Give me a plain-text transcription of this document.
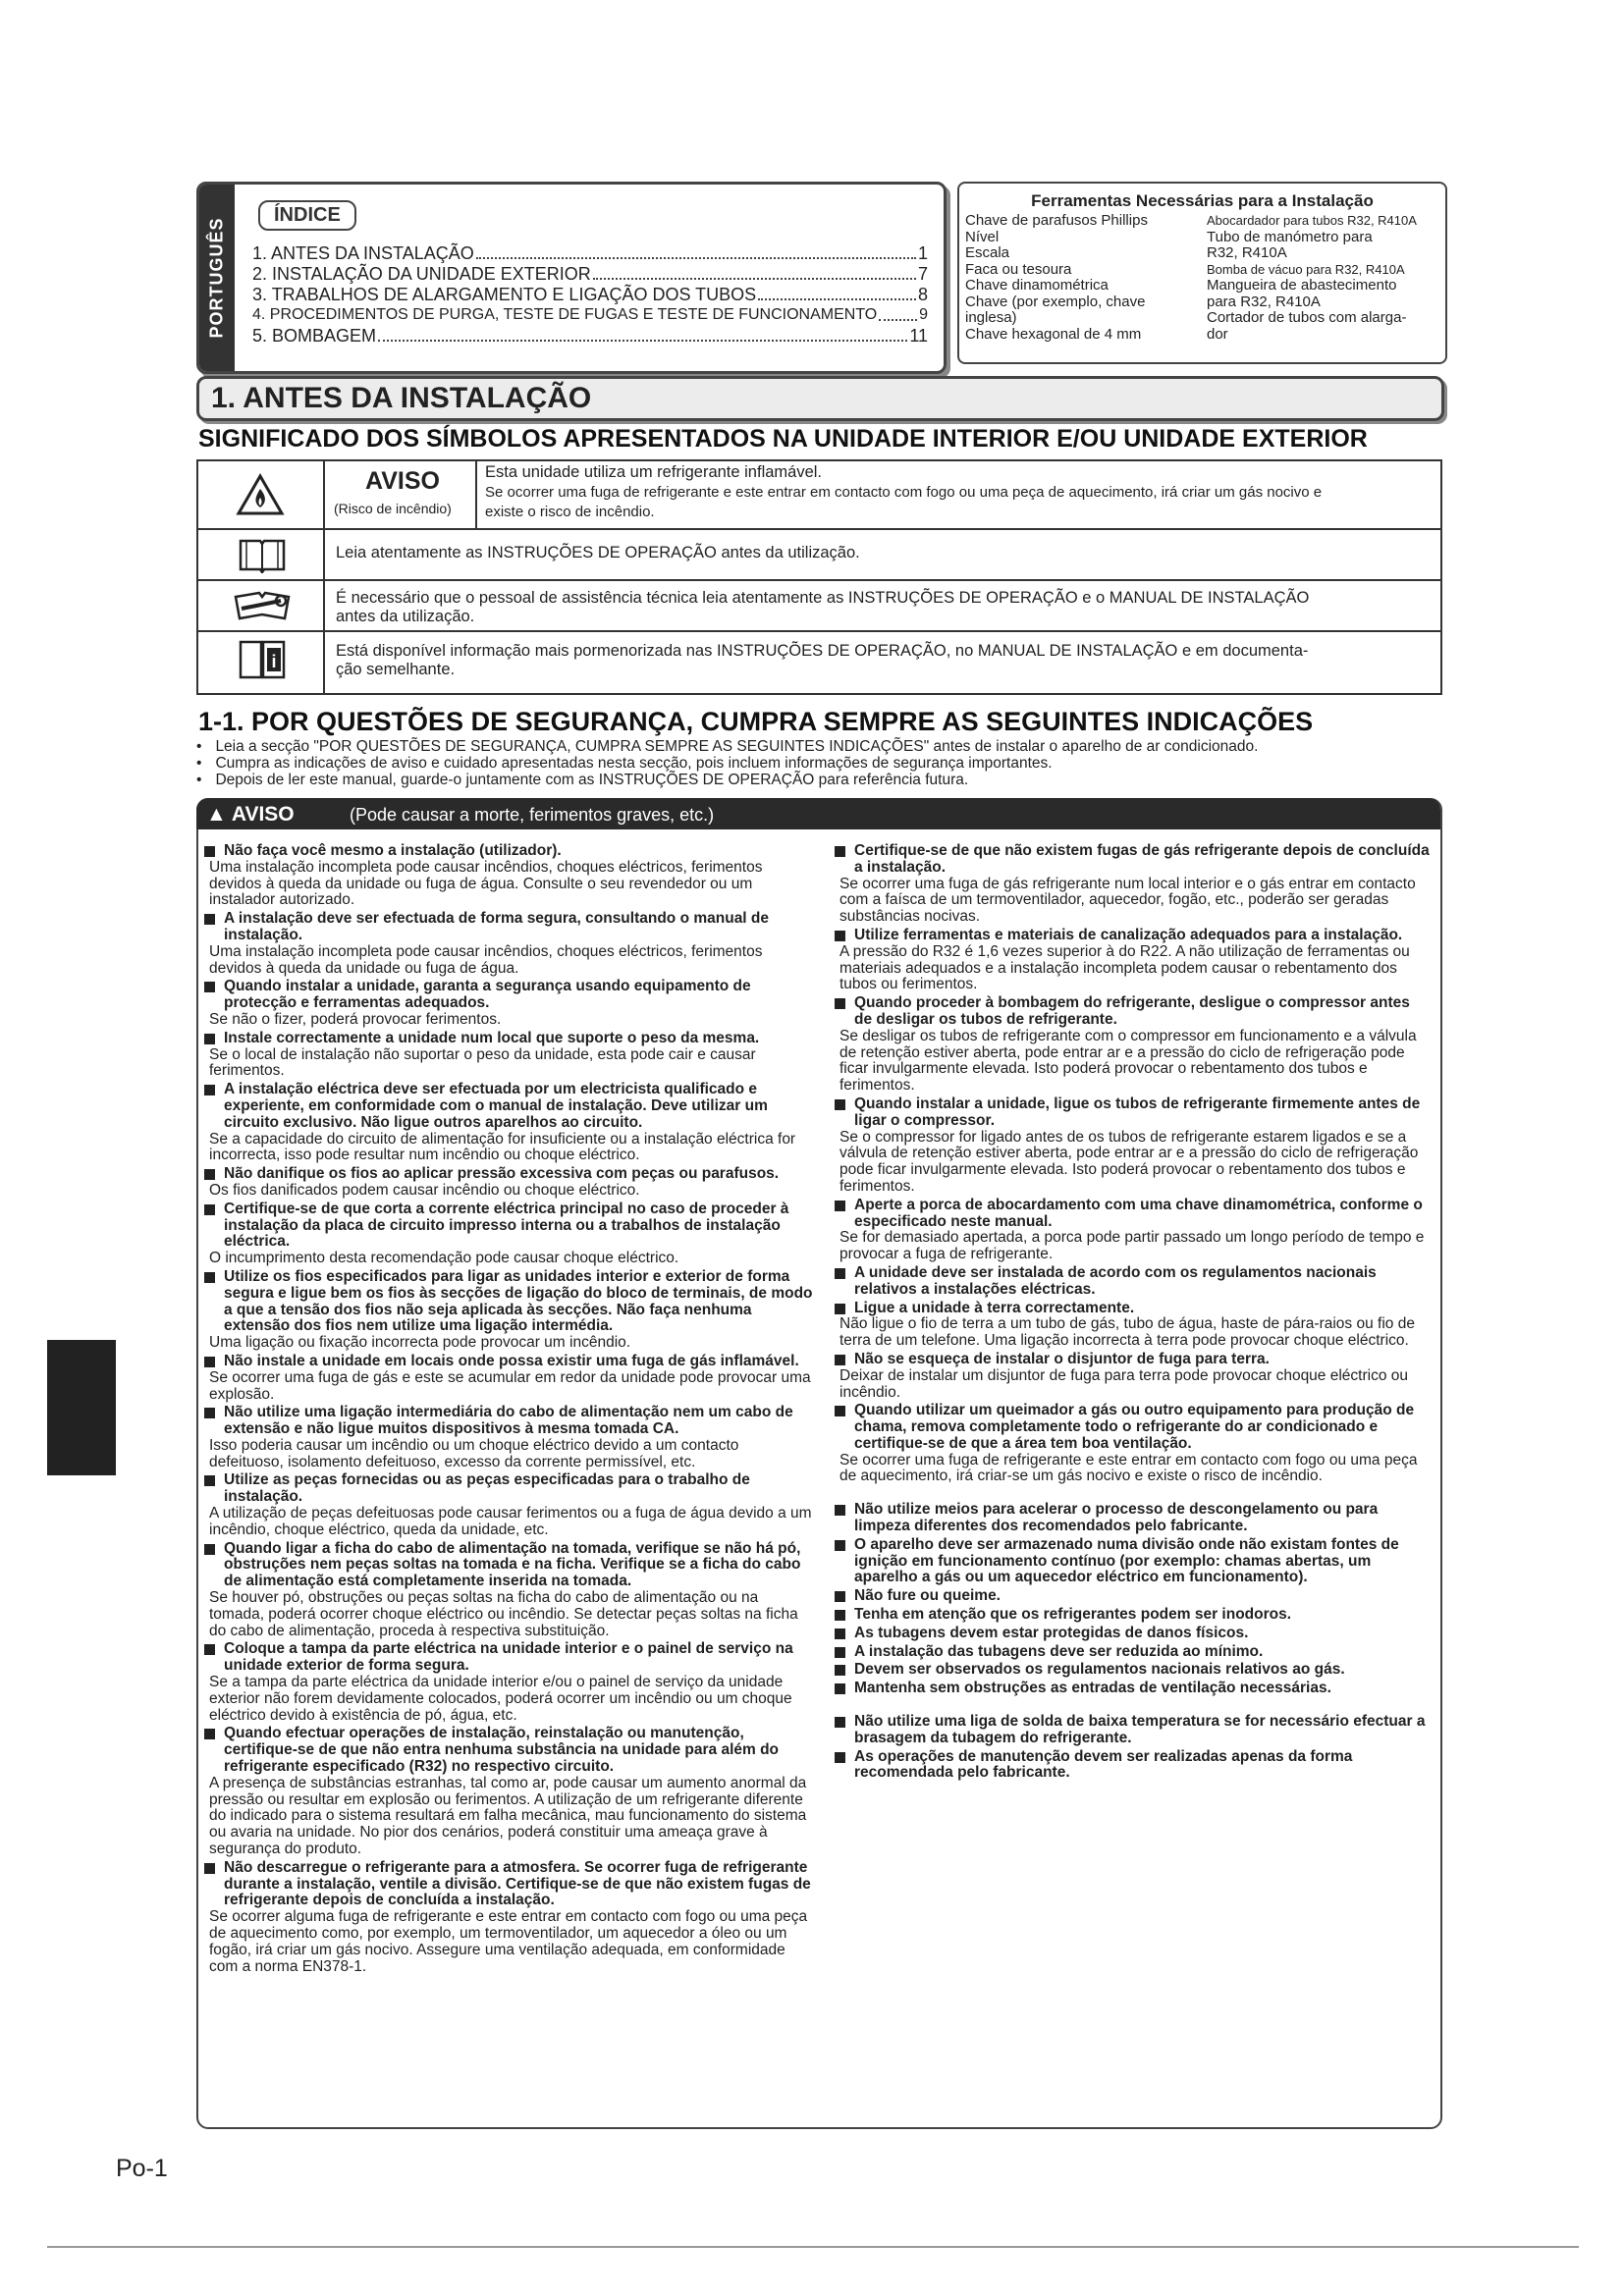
PORTUGUÊS
ÍNDICE
1. ANTES DA INSTALAÇÃO	1
2. INSTALAÇÃO DA UNIDADE EXTERIOR	7
3. TRABALHOS DE ALARGAMENTO E LIGAÇÃO DOS TUBOS	8
4. PROCEDIMENTOS DE PURGA, TESTE DE FUGAS E TESTE DE FUNCIONAMENTO	9
5. BOMBAGEM	11
Ferramentas Necessárias para a Instalação
Chave de parafusos Phillips
Nível
Escala
Faca ou tesoura
Chave dinamométrica
Chave (por exemplo, chave
inglesa)
Chave hexagonal de 4 mm
Abocardador para tubos R32, R410A
Tubo de manómetro para
R32, R410A
Bomba de vácuo para R32, R410A
Mangueira de abastecimento
para R32, R410A
Cortador de tubos com alarga-
dor
1. ANTES DA INSTALAÇÃO
SIGNIFICADO DOS SÍMBOLOS APRESENTADOS NA UNIDADE INTERIOR E/OU UNIDADE EXTERIOR
AVISO
(Risco de incêndio)
Esta unidade utiliza um refrigerante inflamável.
Se ocorrer uma fuga de refrigerante e este entrar em contacto com fogo ou uma peça de aquecimento, irá criar um gás nocivo e
existe o risco de incêndio.
Leia atentamente as INSTRUÇÕES DE OPERAÇÃO antes da utilização.
É necessário que o pessoal de assistência técnica leia atentamente as INSTRUÇÕES DE OPERAÇÃO e o MANUAL DE INSTALAÇÃO
antes da utilização.
i
Está disponível informação mais pormenorizada nas INSTRUÇÕES DE OPERAÇÃO, no MANUAL DE INSTALAÇÃO e em documenta-
ção semelhante.
1-1. POR QUESTÕES DE SEGURANÇA, CUMPRA SEMPRE AS SEGUINTES INDICAÇÕES
• Leia a secção "POR QUESTÕES DE SEGURANÇA, CUMPRA SEMPRE AS SEGUINTES INDICAÇÕES" antes de instalar o aparelho de ar condicionado.
• Cumpra as indicações de aviso e cuidado apresentadas nesta secção, pois incluem informações de segurança importantes.
• Depois de ler este manual, guarde-o juntamente com as INSTRUÇÕES DE OPERAÇÃO para referência futura.
▲ AVISO	(Pode causar a morte, ferimentos graves, etc.)
Não faça você mesmo a instalação (utilizador).
Uma instalação incompleta pode causar incêndios, choques eléctricos, ferimentos devidos à queda da unidade ou fuga de água. Consulte o seu revendedor ou um instalador autorizado.
A instalação deve ser efectuada de forma segura, consultando o manual de instalação.
Uma instalação incompleta pode causar incêndios, choques eléctricos, ferimentos devidos à queda da unidade ou fuga de água.
Quando instalar a unidade, garanta a segurança usando equipamento de protecção e ferramentas adequados.
Se não o fizer, poderá provocar ferimentos.
Instale correctamente a unidade num local que suporte o peso da mesma.
Se o local de instalação não suportar o peso da unidade, esta pode cair e causar ferimentos.
A instalação eléctrica deve ser efectuada por um electricista qualificado e experiente, em conformidade com o manual de instalação. Deve utilizar um circuito exclusivo. Não ligue outros aparelhos ao circuito.
Se a capacidade do circuito de alimentação for insuficiente ou a instalação eléctrica for incorrecta, isso pode resultar num incêndio ou choque eléctrico.
Não danifique os fios ao aplicar pressão excessiva com peças ou parafusos.
Os fios danificados podem causar incêndio ou choque eléctrico.
Certifique-se de que corta a corrente eléctrica principal no caso de proceder à instalação da placa de circuito impresso interna ou a trabalhos de instalação eléctrica.
O incumprimento desta recomendação pode causar choque eléctrico.
Utilize os fios especificados para ligar as unidades interior e exterior de forma segura e ligue bem os fios às secções de ligação do bloco de terminais, de modo a que a tensão dos fios não seja aplicada às secções. Não faça nenhuma extensão dos fios nem utilize uma ligação intermédia.
Uma ligação ou fixação incorrecta pode provocar um incêndio.
Não instale a unidade em locais onde possa existir uma fuga de gás inflamável.
Se ocorrer uma fuga de gás e este se acumular em redor da unidade pode provocar uma explosão.
Não utilize uma ligação intermediária do cabo de alimentação nem um cabo de extensão e não ligue muitos dispositivos à mesma tomada CA.
Isso poderia causar um incêndio ou um choque eléctrico devido a um contacto defeituoso, isolamento defeituoso, excesso da corrente permissível, etc.
Utilize as peças fornecidas ou as peças especificadas para o trabalho de instalação.
A utilização de peças defeituosas pode causar ferimentos ou a fuga de água devido a um incêndio, choque eléctrico, queda da unidade, etc.
Quando ligar a ficha do cabo de alimentação na tomada, verifique se não há pó, obstruções nem peças soltas na tomada e na ficha. Verifique se a ficha do cabo de alimentação está completamente inserida na tomada.
Se houver pó, obstruções ou peças soltas na ficha do cabo de alimentação ou na tomada, poderá ocorrer choque eléctrico ou incêndio. Se detectar peças soltas na ficha do cabo de alimentação, proceda à respectiva substituição.
Coloque a tampa da parte eléctrica na unidade interior e o painel de serviço na unidade exterior de forma segura.
Se a tampa da parte eléctrica da unidade interior e/ou o painel de serviço da unidade exterior não forem devidamente colocados, poderá ocorrer um incêndio ou um choque eléctrico devido à existência de pó, água, etc.
Quando efectuar operações de instalação, reinstalação ou manutenção, certifique-se de que não entra nenhuma substância na unidade para além do refrigerante especificado (R32) no respectivo circuito.
A presença de substâncias estranhas, tal como ar, pode causar um aumento anormal da pressão ou resultar em explosão ou ferimentos. A utilização de um refrigerante diferente do indicado para o sistema resultará em falha mecânica, mau funcionamento do sistema ou avaria na unidade. No pior dos cenários, poderá constituir uma ameaça grave à segurança do produto.
Não descarregue o refrigerante para a atmosfera. Se ocorrer fuga de refrigerante durante a instalação, ventile a divisão. Certifique-se de que não existem fugas de refrigerante depois de concluída a instalação.
Se ocorrer alguma fuga de refrigerante e este entrar em contacto com fogo ou uma peça de aquecimento como, por exemplo, um termoventilador, um aquecedor a óleo ou um fogão, irá criar um gás nocivo. Assegure uma ventilação adequada, em conformidade com a norma EN378-1.
Certifique-se de que não existem fugas de gás refrigerante depois de concluída a instalação.
Se ocorrer uma fuga de gás refrigerante num local interior e o gás entrar em contacto com a faísca de um termoventilador, aquecedor, fogão, etc., poderão ser geradas substâncias nocivas.
Utilize ferramentas e materiais de canalização adequados para a instalação.
A pressão do R32 é 1,6 vezes superior à do R22. A não utilização de ferramentas ou materiais adequados e a instalação incompleta podem causar o rebentamento dos tubos ou ferimentos.
Quando proceder à bombagem do refrigerante, desligue o compressor antes de desligar os tubos de refrigerante.
Se desligar os tubos de refrigerante com o compressor em funcionamento e a válvula de retenção estiver aberta, pode entrar ar e a pressão do ciclo de refrigeração pode ficar invulgarmente elevada. Isto poderá provocar o rebentamento dos tubos e ferimentos.
Quando instalar a unidade, ligue os tubos de refrigerante firmemente antes de ligar o compressor.
Se o compressor for ligado antes de os tubos de refrigerante estarem ligados e se a válvula de retenção estiver aberta, pode entrar ar e a pressão do ciclo de refrigeração pode ficar invulgarmente elevada. Isto poderá provocar o rebentamento dos tubos e ferimentos.
Aperte a porca de abocardamento com uma chave dinamométrica, conforme o especificado neste manual.
Se for demasiado apertada, a porca pode partir passado um longo período de tempo e provocar a fuga de refrigerante.
A unidade deve ser instalada de acordo com os regulamentos nacionais relativos a instalações eléctricas.
Ligue a unidade à terra correctamente.
Não ligue o fio de terra a um tubo de gás, tubo de água, haste de pára-raios ou fio de terra de um telefone. Uma ligação incorrecta à terra pode provocar choque eléctrico.
Não se esqueça de instalar o disjuntor de fuga para terra.
Deixar de instalar um disjuntor de fuga para terra pode provocar choque eléctrico ou incêndio.
Quando utilizar um queimador a gás ou outro equipamento para produção de chama, remova completamente todo o refrigerante do ar condicionado e certifique-se de que a área tem boa ventilação.
Se ocorrer uma fuga de refrigerante e este entrar em contacto com fogo ou uma peça de aquecimento, irá criar-se um gás nocivo e existe o risco de incêndio.
Não utilize meios para acelerar o processo de descongelamento ou para limpeza diferentes dos recomendados pelo fabricante.
O aparelho deve ser armazenado numa divisão onde não existam fontes de ignição em funcionamento contínuo (por exemplo: chamas abertas, um aparelho a gás ou um aquecedor eléctrico em funcionamento).
Não fure ou queime.
Tenha em atenção que os refrigerantes podem ser inodoros.
As tubagens devem estar protegidas de danos físicos.
A instalação das tubagens deve ser reduzida ao mínimo.
Devem ser observados os regulamentos nacionais relativos ao gás.
Mantenha sem obstruções as entradas de ventilação necessárias.
Não utilize uma liga de solda de baixa temperatura se for necessário efectuar a brasagem da tubagem do refrigerante.
As operações de manutenção devem ser realizadas apenas da forma recomendada pelo fabricante.
Po-1
